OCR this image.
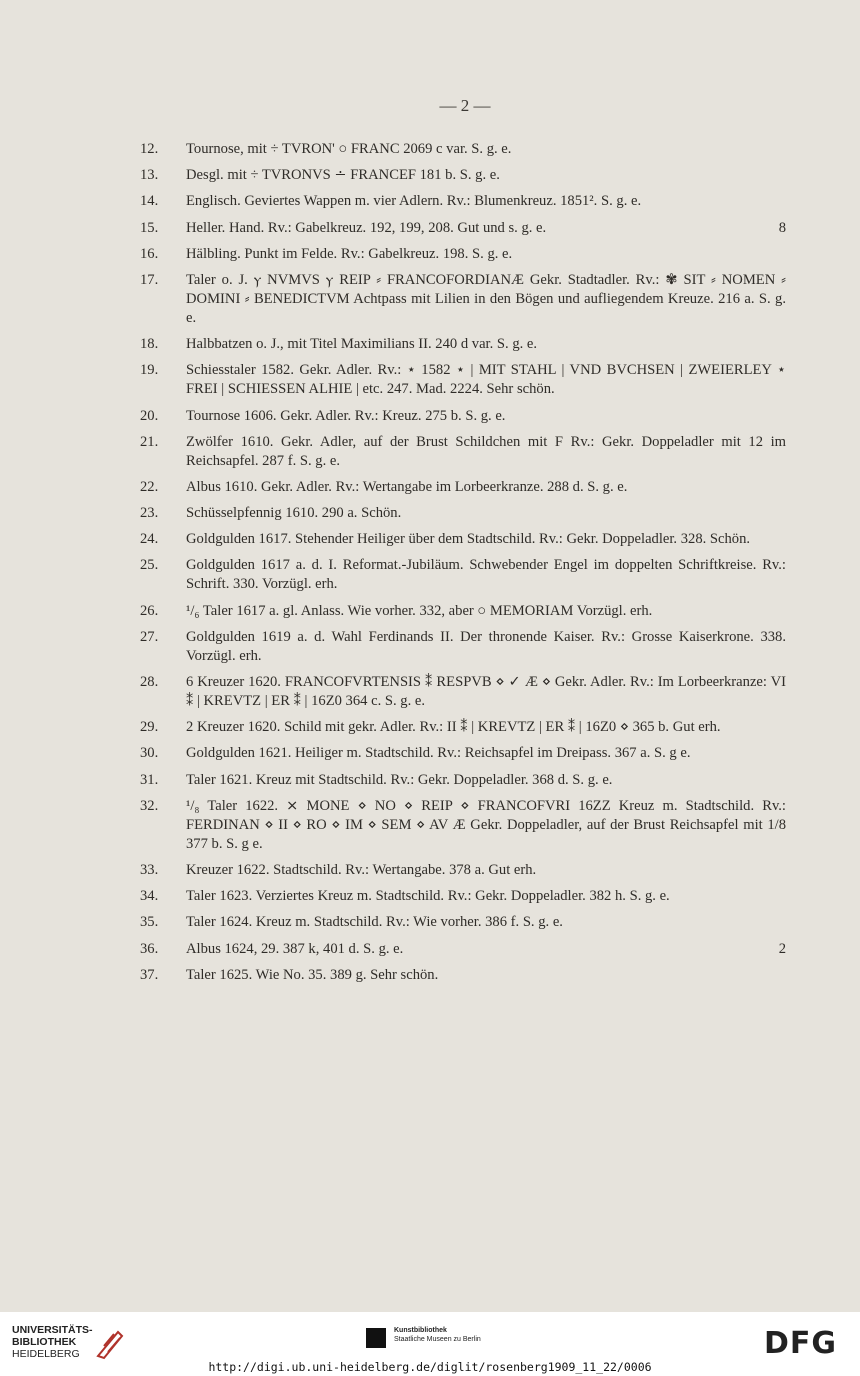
— 2 —
12.	Tournose, mit ÷ TVRON' ○ FRANC 2069 c var. S. g. e.
13.	Desgl. mit ÷ TVRONVS ∸ FRANCEF 181 b. S. g. e.
14.	Englisch. Geviertes Wappen m. vier Adlern. Rv.: Blumenkreuz. 1851². S. g. e.
15.	Heller. Hand. Rv.: Gabelkreuz. 192, 199, 208. Gut und s. g. e.	8
16.	Hälbling. Punkt im Felde. Rv.: Gabelkreuz. 198. S. g. e.
17.	Taler o. J. ⲩ NVMVS ⲩ REIP ⸗ FRANCOFORDIANÆ Gekr. Stadtadler. Rv.: ✾ SIT ⸗ NOMEN ⸗ DOMINI ⸗ BENEDICTVM Achtpass mit Lilien in den Bögen und aufliegendem Kreuze. 216 a. S. g. e.
18.	Halbbatzen o. J., mit Titel Maximilians II. 240 d var. S. g. e.
19.	Schiesstaler 1582. Gekr. Adler. Rv.: ⋆ 1582 ⋆ | MIT STAHL | VND BVCHSEN | ZWEIERLEY ⋆ FREI | SCHIESSEN ALHIE | etc. 247. Mad. 2224. Sehr schön.
20.	Tournose 1606. Gekr. Adler. Rv.: Kreuz. 275 b. S. g. e.
21.	Zwölfer 1610. Gekr. Adler, auf der Brust Schildchen mit F Rv.: Gekr. Doppeladler mit 12 im Reichsapfel. 287 f. S. g. e.
22.	Albus 1610. Gekr. Adler. Rv.: Wertangabe im Lorbeerkranze. 288 d. S. g. e.
23.	Schüsselpfennig 1610. 290 a. Schön.
24.	Goldgulden 1617. Stehender Heiliger über dem Stadtschild. Rv.: Gekr. Doppeladler. 328. Schön.
25.	Goldgulden 1617 a. d. I. Reformat.-Jubiläum. Schwebender Engel im doppelten Schriftkreise. Rv.: Schrift. 330. Vorzügl. erh.
26.	¹/₆ Taler 1617 a. gl. Anlass. Wie vorher. 332, aber ○ MEMORIAM Vorzügl. erh.
27.	Goldgulden 1619 a. d. Wahl Ferdinands II. Der thronende Kaiser. Rv.: Grosse Kaiserkrone. 338. Vorzügl. erh.
28.	6 Kreuzer 1620. FRANCOFVRTENSIS ⁑ RESPVB ⋄ ✓ Æ ⋄ Gekr. Adler. Rv.: Im Lorbeerkranze: VI ⁑ | KREVTZ | ER ⁑ | 16Z0 364 c. S. g. e.
29.	2 Kreuzer 1620. Schild mit gekr. Adler. Rv.: II ⁑ | KREVTZ | ER ⁑ | 16Z0 ⋄ 365 b. Gut erh.
30.	Goldgulden 1621. Heiliger m. Stadtschild. Rv.: Reichsapfel im Dreipass. 367 a. S. g e.
31.	Taler 1621. Kreuz mit Stadtschild. Rv.: Gekr. Doppeladler. 368 d. S. g. e.
32.	¹/₈ Taler 1622. ⨯ MONE ⋄ NO ⋄ REIP ⋄ FRANCOFVRI 16ZZ Kreuz m. Stadtschild. Rv.: FERDINAN ⋄ II ⋄ RO ⋄ IM ⋄ SEM ⋄ AV Æ Gekr. Doppeladler, auf der Brust Reichsapfel mit 1/8 377 b. S. g e.
33.	Kreuzer 1622. Stadtschild. Rv.: Wertangabe. 378 a. Gut erh.
34.	Taler 1623. Verziertes Kreuz m. Stadtschild. Rv.: Gekr. Doppeladler. 382 h. S. g. e.
35.	Taler 1624. Kreuz m. Stadtschild. Rv.: Wie vorher. 386 f. S. g. e.
36.	Albus 1624, 29. 387 k, 401 d. S. g. e.	2
37.	Taler 1625. Wie No. 35. 389 g. Sehr schön.
UNIVERSITÄTS-
BIBLIOTHEK
HEIDELBERG
Kunstbibliothek
Staatliche Museen zu Berlin	DFG
http://digi.ub.uni-heidelberg.de/diglit/rosenberg1909_11_22/0006
